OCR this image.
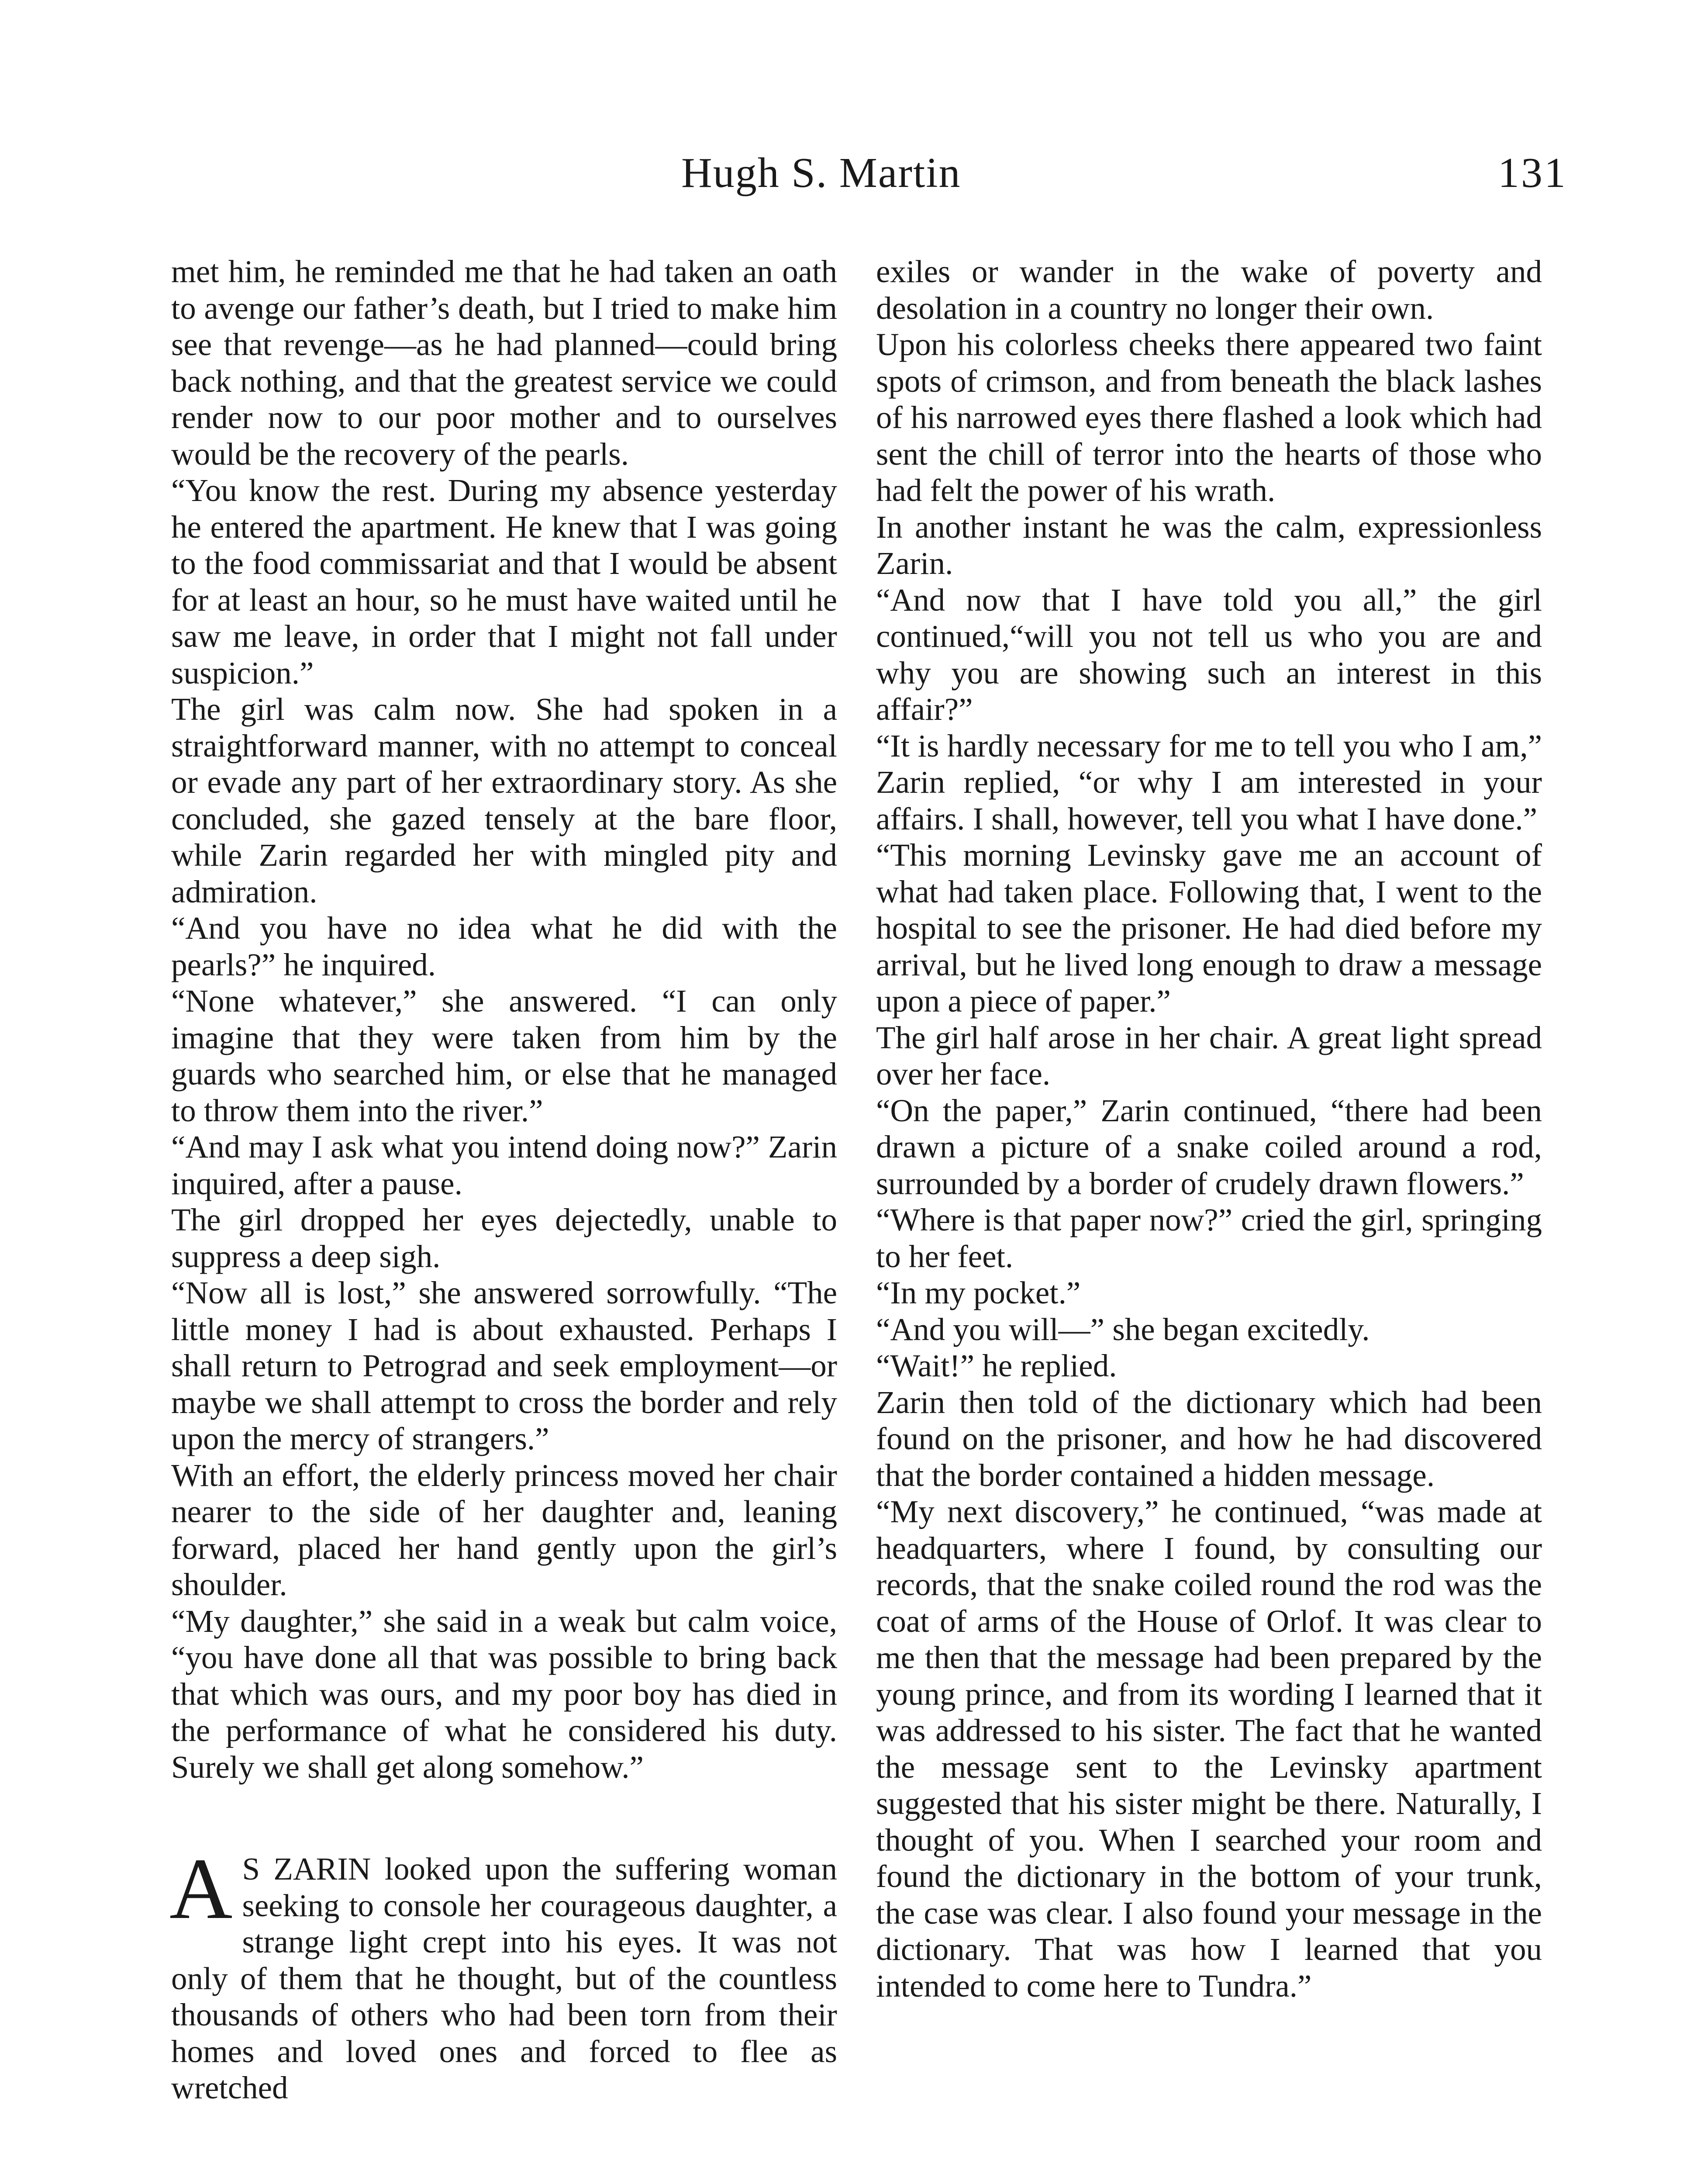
Hugh S. Martin	131

met him, he reminded me that he had taken an oath to avenge our father’s death, but I tried to make him see that revenge—as he had planned—could bring back nothing, and that the greatest service we could render now to our poor mother and to ourselves would be the recovery of the pearls.

“You know the rest. During my absence yesterday he entered the apartment. He knew that I was going to the food commissariat and that I would be absent for at least an hour, so he must have waited until he saw me leave, in order that I might not fall under suspicion.”

The girl was calm now. She had spoken in a straightforward manner, with no attempt to conceal or evade any part of her extraordinary story. As she concluded, she gazed tensely at the bare floor, while Zarin regarded her with mingled pity and admiration.

“And you have no idea what he did with the pearls?” he inquired.

“None whatever,” she answered. “I can only imagine that they were taken from him by the guards who searched him, or else that he managed to throw them into the river.”

“And may I ask what you intend doing now?” Zarin inquired, after a pause.

The girl dropped her eyes dejectedly, unable to suppress a deep sigh.

“Now all is lost,” she answered sorrowfully. “The little money I had is about exhausted. Perhaps I shall return to Petrograd and seek employment—or maybe we shall attempt to cross the border and rely upon the mercy of strangers.”

With an effort, the elderly princess moved her chair nearer to the side of her daughter and, leaning forward, placed her hand gently upon the girl’s shoulder.

“My daughter,” she said in a weak but calm voice, “you have done all that was possible to bring back that which was ours, and my poor boy has died in the performance of what he considered his duty. Surely we shall get along somehow.”

A S ZARIN looked upon the suffering woman seeking to console her courageous daughter, a strange light crept into his eyes. It was not only of them that he thought, but of the countless thousands of others who had been torn from their homes and loved ones and forced to flee as wretched

exiles or wander in the wake of poverty and desolation in a country no longer their own.

Upon his colorless cheeks there appeared two faint spots of crimson, and from beneath the black lashes of his narrowed eyes there flashed a look which had sent the chill of terror into the hearts of those who had felt the power of his wrath.

In another instant he was the calm, expressionless Zarin.

“And now that I have told you all,” the girl continued,“will you not tell us who you are and why you are showing such an interest in this affair?”

“It is hardly necessary for me to tell you who I am,” Zarin replied, “or why I am interested in your affairs. I shall, however, tell you what I have done.”

“This morning Levinsky gave me an account of what had taken place. Following that, I went to the hospital to see the prisoner. He had died before my arrival, but he lived long enough to draw a message upon a piece of paper.”

The girl half arose in her chair. A great light spread over her face.

“On the paper,” Zarin continued, “there had been drawn a picture of a snake coiled around a rod, surrounded by a border of crudely drawn flowers.”

“Where is that paper now?” cried the girl, springing to her feet.

“In my pocket.”

“And you will—” she began excitedly.

“Wait!” he replied.

Zarin then told of the dictionary which had been found on the prisoner, and how he had discovered that the border contained a hidden message.

“My next discovery,” he continued, “was made at headquarters, where I found, by consulting our records, that the snake coiled round the rod was the coat of arms of the House of Orlof. It was clear to me then that the message had been prepared by the young prince, and from its wording I learned that it was addressed to his sister. The fact that he wanted the message sent to the Levinsky apartment suggested that his sister might be there. Naturally, I thought of you. When I searched your room and found the dictionary in the bottom of your trunk, the case was clear. I also found your message in the dictionary. That was how I learned that you intended to come here to Tundra.”
